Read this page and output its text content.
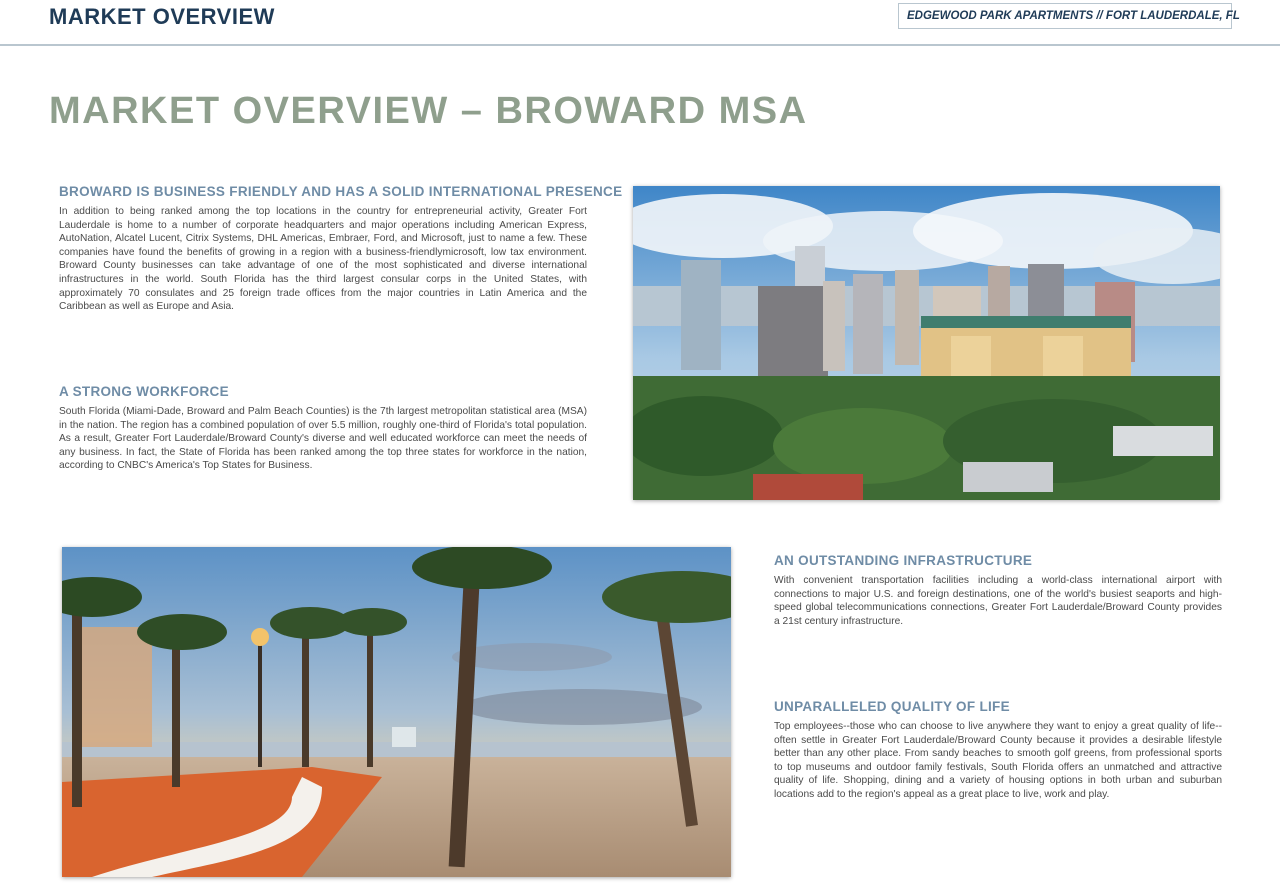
MARKET OVERVIEW	EDGEWOOD PARK APARTMENTS // FORT LAUDERDALE, FL
MARKET OVERVIEW – BROWARD MSA
BROWARD IS BUSINESS FRIENDLY AND HAS A SOLID INTERNATIONAL PRESENCE

In addition to being ranked among the top locations in the country for entrepreneurial activity, Greater Fort Lauderdale is home to a number of corporate headquarters and major operations including American Express, AutoNation, Alcatel Lucent, Citrix Systems, DHL Americas, Embraer, Ford, and Microsoft, just to name a few. These companies have found the benefits of growing in a region with a business-friendlymicrosoft, low tax environment. Broward County businesses can take advantage of one of the most sophisticated and diverse international infrastructures in the world. South Florida has the third largest consular corps in the United States, with approximately 70 consulates and 25 foreign trade offices from the major countries in Latin America and the Caribbean as well as Europe and Asia.

A STRONG WORKFORCE

South Florida (Miami-Dade, Broward and Palm Beach Counties) is the 7th largest metropolitan statistical area (MSA) in the nation. The region has a combined population of over 5.5 million, roughly one-third of Florida's total population. As a result, Greater Fort Lauderdale/Broward County's diverse and well educated workforce can meet the needs of any business. In fact, the State of Florida has been ranked among the top three states for workforce in the nation, according to CNBC's America's Top States for Business.

AN OUTSTANDING INFRASTRUCTURE

With convenient transportation facilities including a world-class international airport with connections to major U.S. and foreign destinations, one of the world's busiest seaports and high-speed global telecommunications connections, Greater Fort Lauderdale/Broward County provides a 21st century infrastructure.

UNPARALLELED QUALITY OF LIFE

Top employees--those who can choose to live anywhere they want to enjoy a great quality of life--often settle in Greater Fort Lauderdale/Broward County because it provides a desirable lifestyle better than any other place. From sandy beaches to smooth golf greens, from professional sports to top museums and outdoor family festivals, South Florida offers an unmatched and attractive quality of life. Shopping, dining and a variety of housing options in both urban and suburban locations add to the region's appeal as a great place to live, work and play.
